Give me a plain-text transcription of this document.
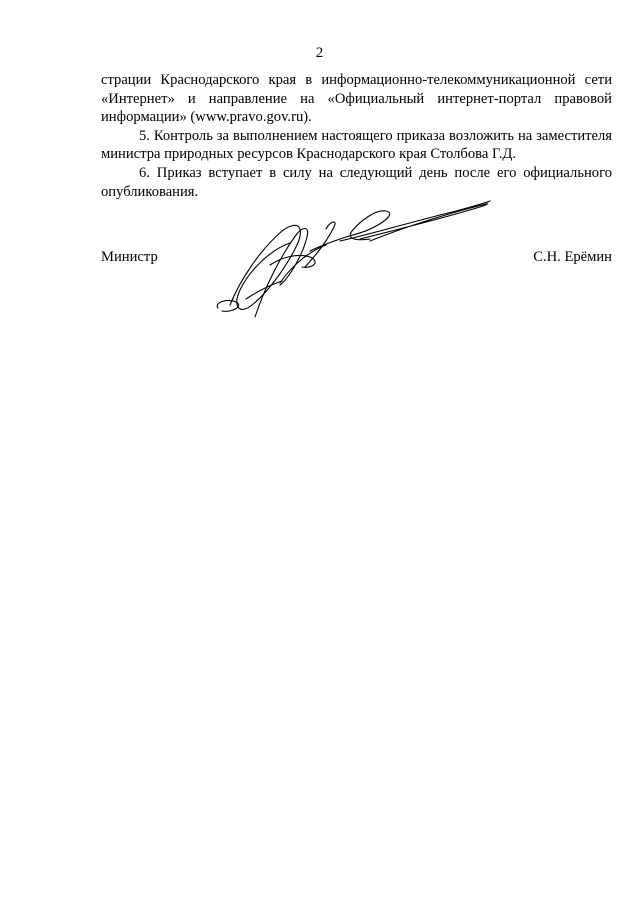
2

страции Краснодарского края в информационно-телекоммуникационной сети «Интернет» и направление на «Официальный интернет-портал правовой информации» (www.pravo.gov.ru).

5. Контроль за выполнением настоящего приказа возложить на заместителя министра природных ресурсов Краснодарского края Столбова Г.Д.

6. Приказ вступает в силу на следующий день после его официального опубликования.

Министр	С.Н. Ерёмин
